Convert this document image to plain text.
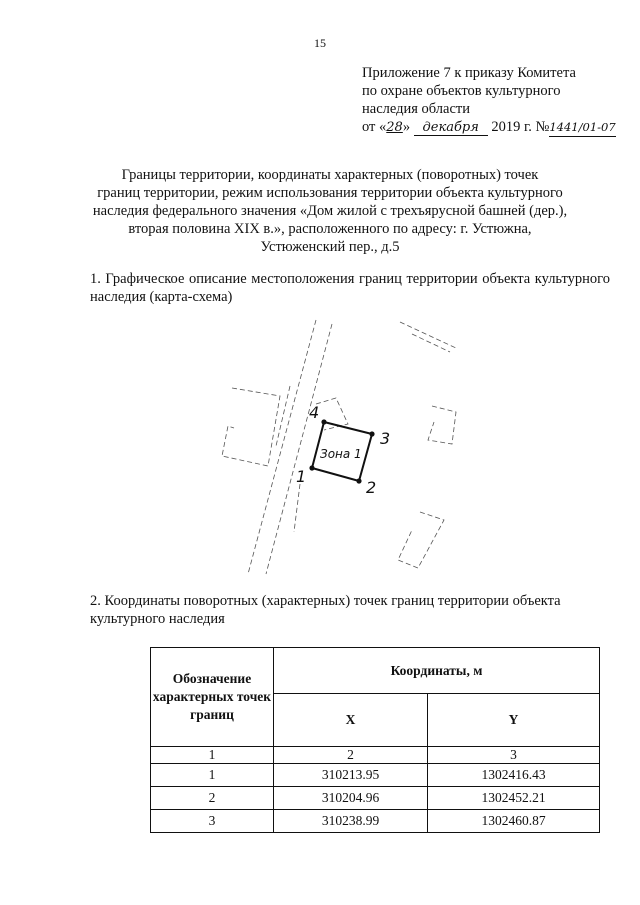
15
Приложение 7 к приказу Комитета
по охране объектов культурного
наследия области
от «28» декабря 2019 г. №1441/01-07
Границы территории, координаты характерных (поворотных) точек
границ территории, режим использования территории объекта культурного
наследия федерального значения «Дом жилой с трехъярусной башней (дер.),
вторая половина XIX в.», расположенного по адресу: г. Устюжна,
Устюженский пер., д.5
1. Графическое описание местоположения границ территории объекта культурного наследия (карта-схема)
Зона 1
1
2
3
4
2. Координаты поворотных (характерных) точек границ территории объекта культурного наследия
Обозначение характерных точек границ	Координаты, м	
	X	Y
1	2	3
1	310213.95	1302416.43
2	310204.96	1302452.21
3	310238.99	1302460.87
